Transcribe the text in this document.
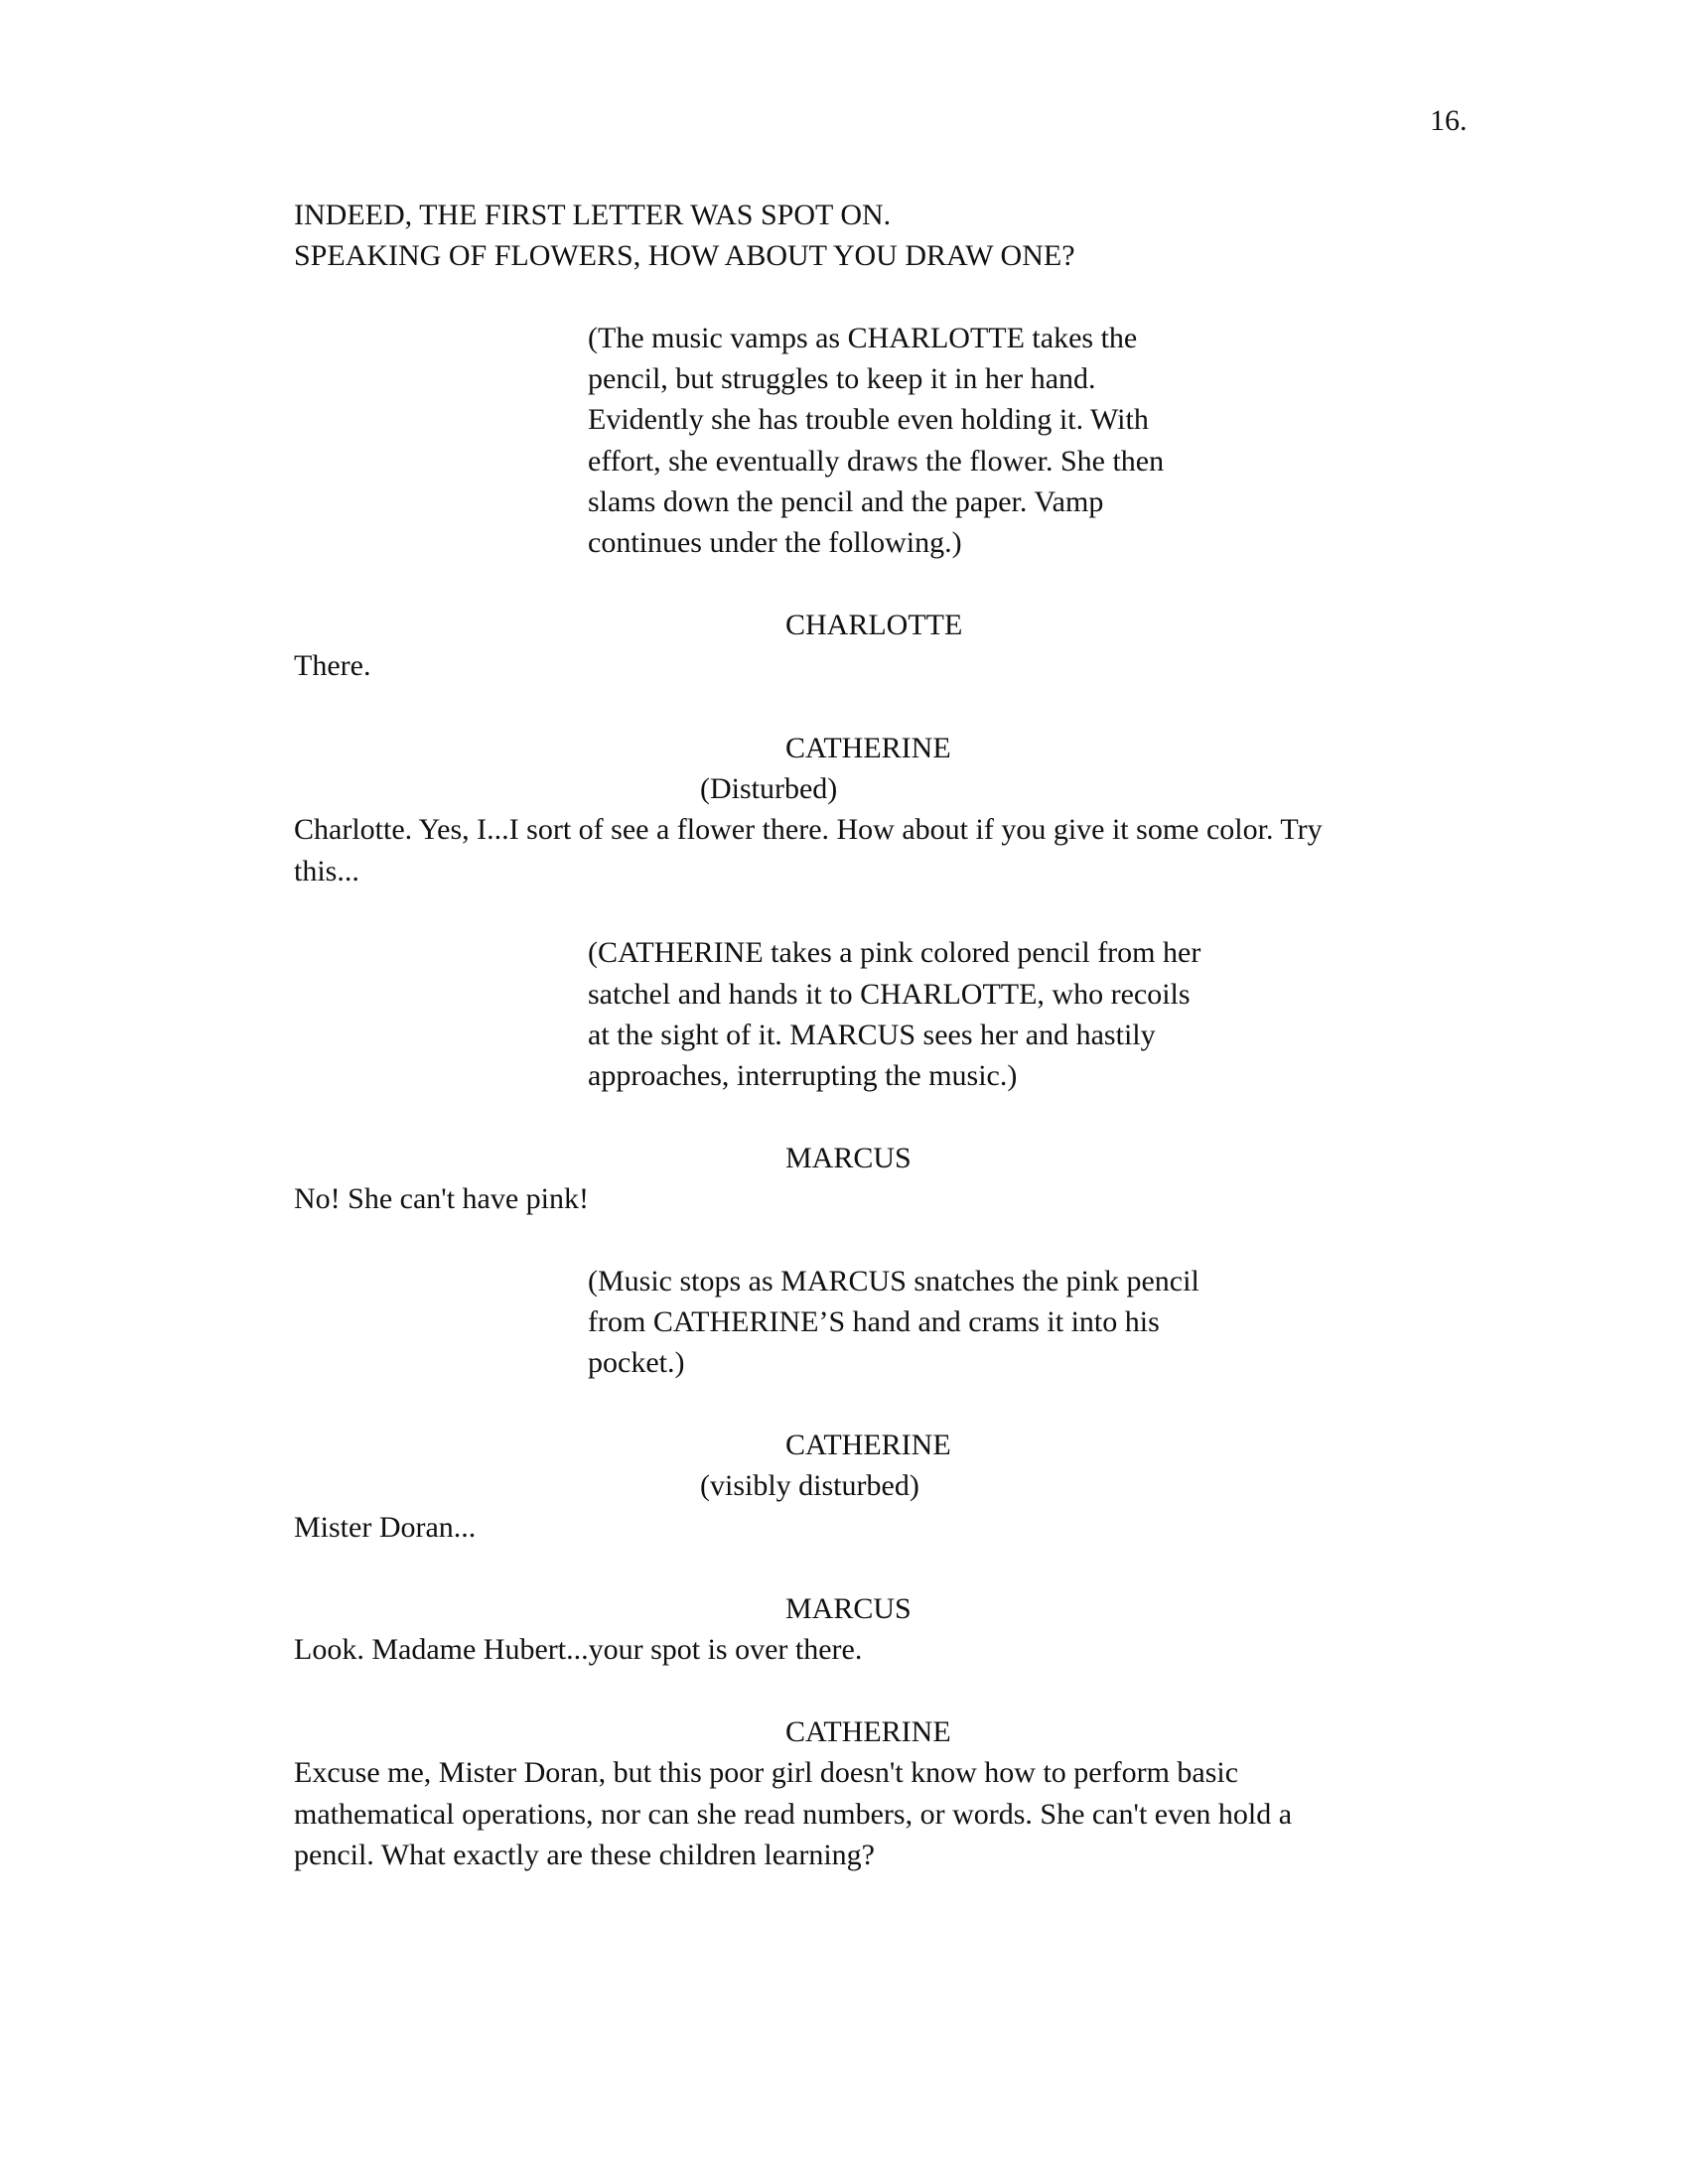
16.
INDEED, THE FIRST LETTER WAS SPOT ON.
SPEAKING OF FLOWERS, HOW ABOUT YOU DRAW ONE?
(The music vamps as CHARLOTTE takes the
pencil, but struggles to keep it in her hand.
Evidently she has trouble even holding it. With
effort, she eventually draws the flower. She then
slams down the pencil and the paper. Vamp
continues under the following.)
CHARLOTTE
There.
CATHERINE
(Disturbed)
Charlotte. Yes, I...I sort of see a flower there. How about if you give it some color. Try
this...
(CATHERINE takes a pink colored pencil from her
satchel and hands it to CHARLOTTE, who recoils
at the sight of it. MARCUS sees her and hastily
approaches, interrupting the music.)
MARCUS
No! She can't have pink!
(Music stops as MARCUS snatches the pink pencil
from CATHERINE’S hand and crams it into his
pocket.)
CATHERINE
(visibly disturbed)
Mister Doran...
MARCUS
Look. Madame Hubert...your spot is over there.
CATHERINE
Excuse me, Mister Doran, but this poor girl doesn't know how to perform basic
mathematical operations, nor can she read numbers, or words. She can't even hold a
pencil. What exactly are these children learning?
